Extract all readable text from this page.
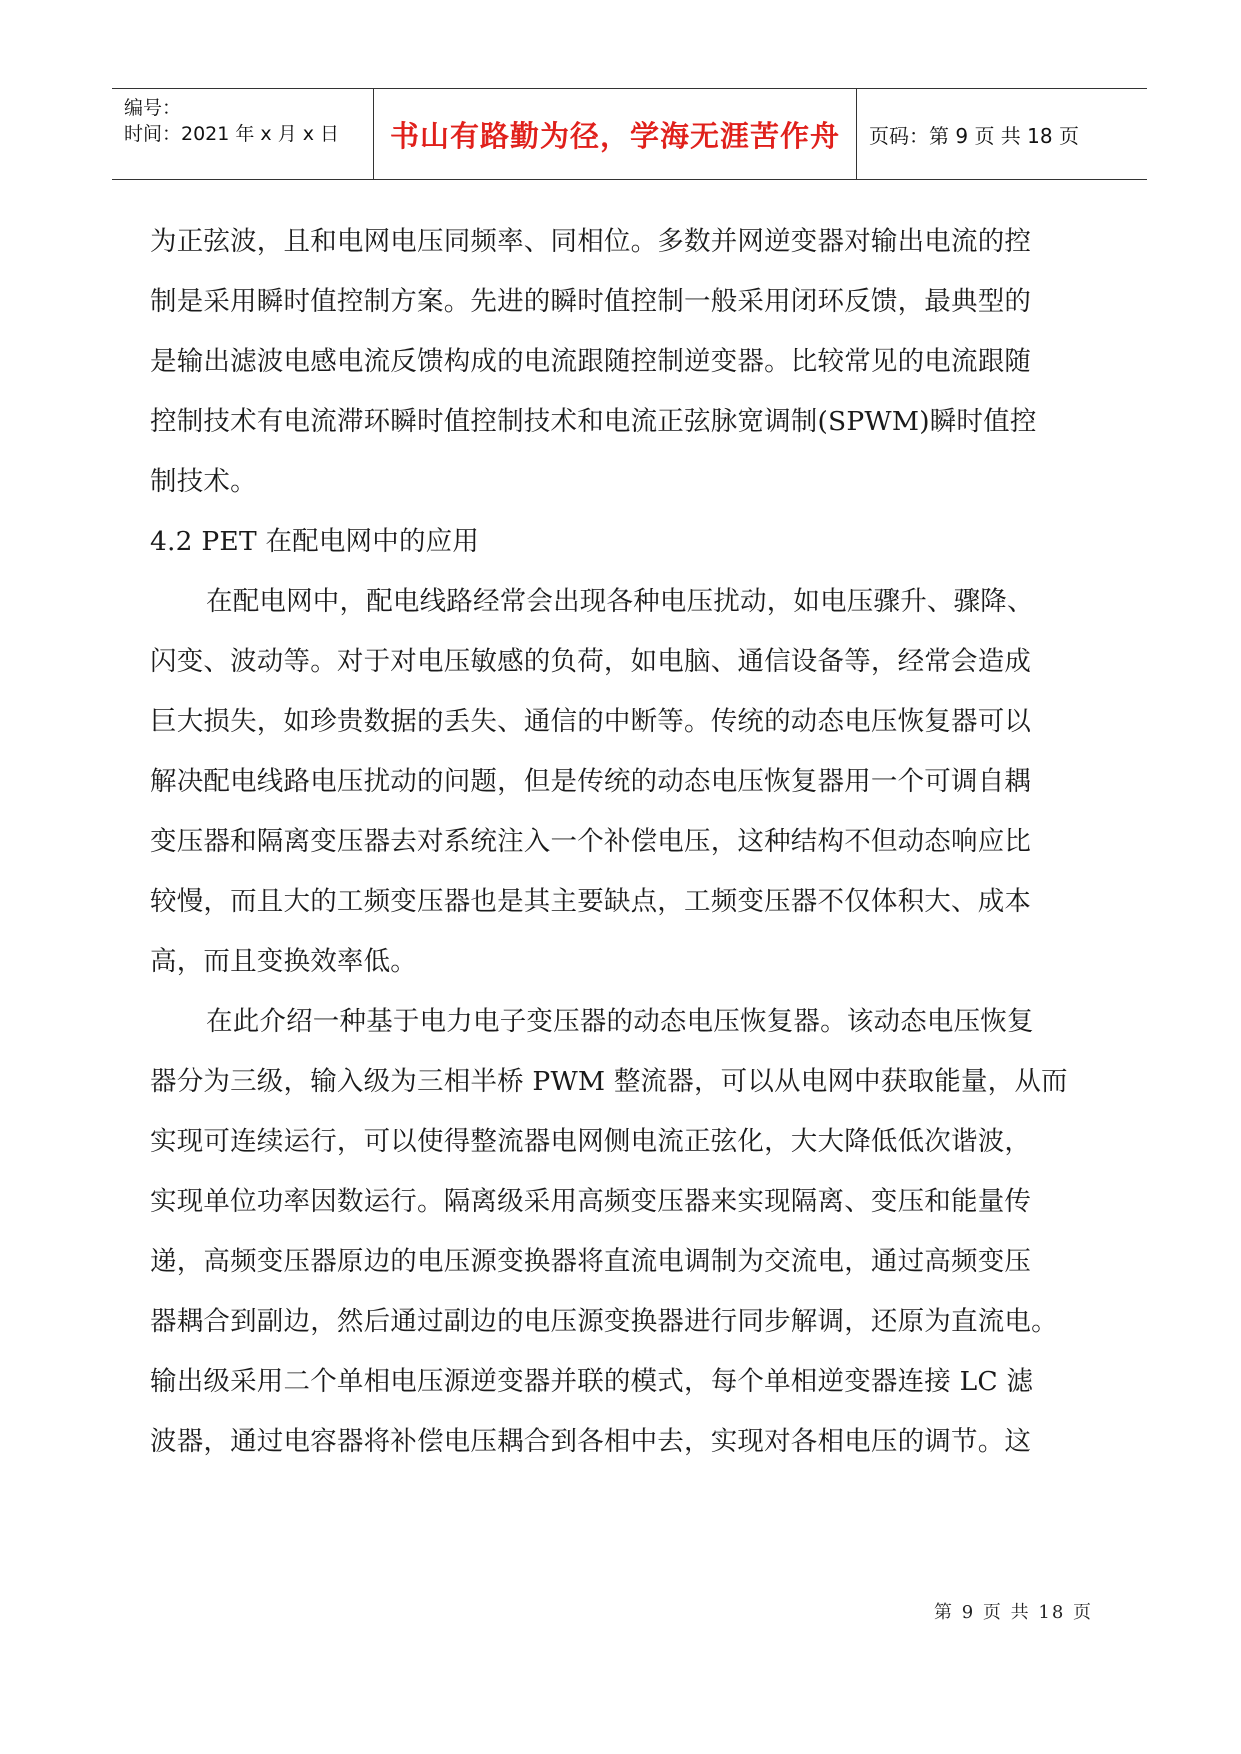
编号：
时间：2021 年 x 月 x 日 书山有路勤为径，学海无涯苦作舟 页码：第 9 页 共 18 页
为正弦波，且和电网电压同频率、同相位。多数并网逆变器对输出电流的控
制是采用瞬时值控制方案。先进的瞬时值控制一般采用闭环反馈，最典型的
是输出滤波电感电流反馈构成的电流跟随控制逆变器。比较常见的电流跟随
控制技术有电流滞环瞬时值控制技术和电流正弦脉宽调制(SPWM)瞬时值控
制技术。
4.2 PET 在配电网中的应用
在配电网中，配电线路经常会出现各种电压扰动，如电压骤升、骤降、
闪变、波动等。对于对电压敏感的负荷，如电脑、通信设备等，经常会造成
巨大损失，如珍贵数据的丢失、通信的中断等。传统的动态电压恢复器可以
解决配电线路电压扰动的问题，但是传统的动态电压恢复器用一个可调自耦
变压器和隔离变压器去对系统注入一个补偿电压，这种结构不但动态响应比
较慢，而且大的工频变压器也是其主要缺点，工频变压器不仅体积大、成本
高，而且变换效率低。
在此介绍一种基于电力电子变压器的动态电压恢复器。该动态电压恢复
器分为三级，输入级为三相半桥 PWM 整流器，可以从电网中获取能量，从而
实现可连续运行，可以使得整流器电网侧电流正弦化，大大降低低次谐波，
实现单位功率因数运行。隔离级采用高频变压器来实现隔离、变压和能量传
递，高频变压器原边的电压源变换器将直流电调制为交流电，通过高频变压
器耦合到副边，然后通过副边的电压源变换器进行同步解调，还原为直流电。
输出级采用二个单相电压源逆变器并联的模式，每个单相逆变器连接 LC 滤
波器，通过电容器将补偿电压耦合到各相中去，实现对各相电压的调节。这
第 9 页 共 18 页
